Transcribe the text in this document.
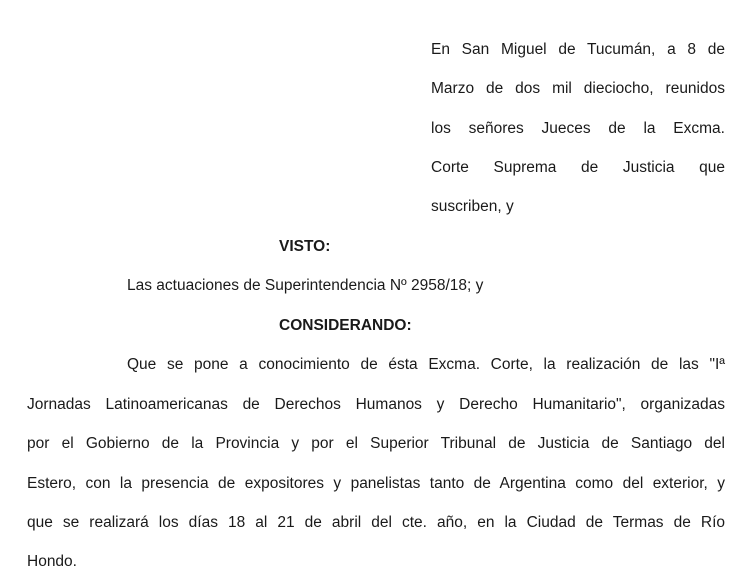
En San Miguel de Tucumán, a 8 de
Marzo de dos mil dieciocho, reunidos
los señores Jueces de la Excma.
Corte Suprema de Justicia que
suscriben, y
VISTO:
Las actuaciones de Superintendencia Nº 2958/18; y
CONSIDERANDO:
Que se pone a conocimiento de ésta Excma. Corte, la realización de las "Iª
Jornadas Latinoamericanas de Derechos Humanos y Derecho Humanitario", organizadas
por el Gobierno de la Provincia y por el Superior Tribunal de Justicia de Santiago del
Estero, con la presencia de expositores y panelistas tanto de Argentina como del exterior, y
que se realizará los días 18 al 21 de abril del cte. año, en la Ciudad de Termas de Río
Hondo.
